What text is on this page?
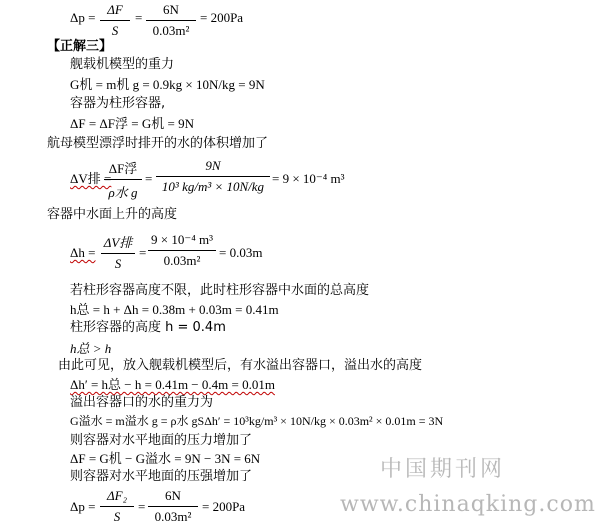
$\Delta p = \frac{\Delta F}{S} = \frac{6N}{\text{0.03m²}} = 200Pa$
【正解三】
舰载机模型的重力
G机 = m机 g = 0.9kg × 10N/kg = 9N
容器为柱形容器,
ΔF = ΔF浮 = G机 = 9N
航母模型漂浮时排开的水的体积增加了
ΔV排 =
ΔF浮
ρ水 g
= $\frac{9N}{\text{10³ kg/m³ × 10N/kg}} = 9 \times 10^{-4}$ m³
容器中水面上升的高度
Δh =
ΔV排
S
= $\frac{\text{9 × 10⁻⁴ m³}}{\text{0.03m²}} = 0.03m$
若柱形容器高度不限，此时柱形容器中水面的总高度
h总 = h + Δh = 0.38m + 0.03m = 0.41m
柱形容器的高度 h = 0.4m
h总 > h
由此可见，放入舰载机模型后，有水溢出容器口，溢出水的高度
Δh′ = h总 − h = 0.41m − 0.4m = 0.01m
溢出容器口的水的重力为
G溢水 = m溢水 g = ρ水 gSΔh′ = 10³kg/m³ × 10N/kg × 0.03m² × 0.01m = 3N
则容器对水平地面的压力增加了
ΔF = G机 − G溢水 = 9N − 3N = 6N
则容器对水平地面的压强增加了
$\Delta p = \frac{\text{ΔF₂}}{S} = \frac{6N}{\text{0.03m²}} = 200Pa$
中国期刊网
www.chinaqking.com
